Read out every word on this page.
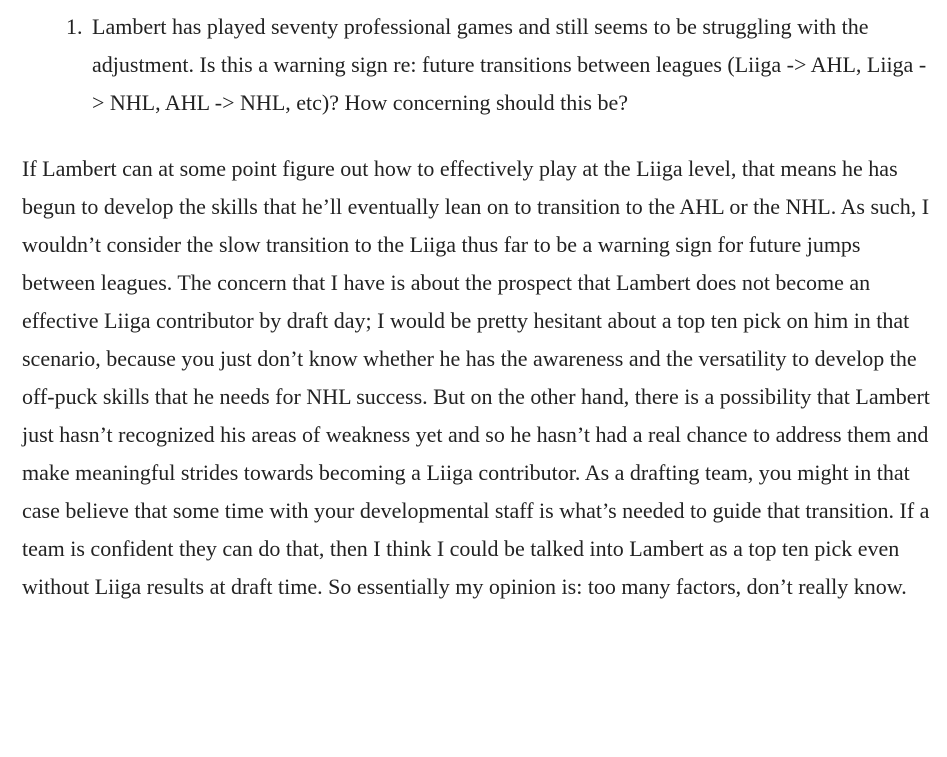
1. Lambert has played seventy professional games and still seems to be struggling with the adjustment. Is this a warning sign re: future transitions between leagues (Liiga -> AHL, Liiga -> NHL, AHL -> NHL, etc)? How concerning should this be?

If Lambert can at some point figure out how to effectively play at the Liiga level, that means he has begun to develop the skills that he’ll eventually lean on to transition to the AHL or the NHL. As such, I wouldn’t consider the slow transition to the Liiga thus far to be a warning sign for future jumps between leagues. The concern that I have is about the prospect that Lambert does not become an effective Liiga contributor by draft day; I would be pretty hesitant about a top ten pick on him in that scenario, because you just don’t know whether he has the awareness and the versatility to develop the off-puck skills that he needs for NHL success. But on the other hand, there is a possibility that Lambert just hasn’t recognized his areas of weakness yet and so he hasn’t had a real chance to address them and make meaningful strides towards becoming a Liiga contributor. As a drafting team, you might in that case believe that some time with your developmental staff is what’s needed to guide that transition. If a team is confident they can do that, then I think I could be talked into Lambert as a top ten pick even without Liiga results at draft time. So essentially my opinion is: too many factors, don’t really know.
